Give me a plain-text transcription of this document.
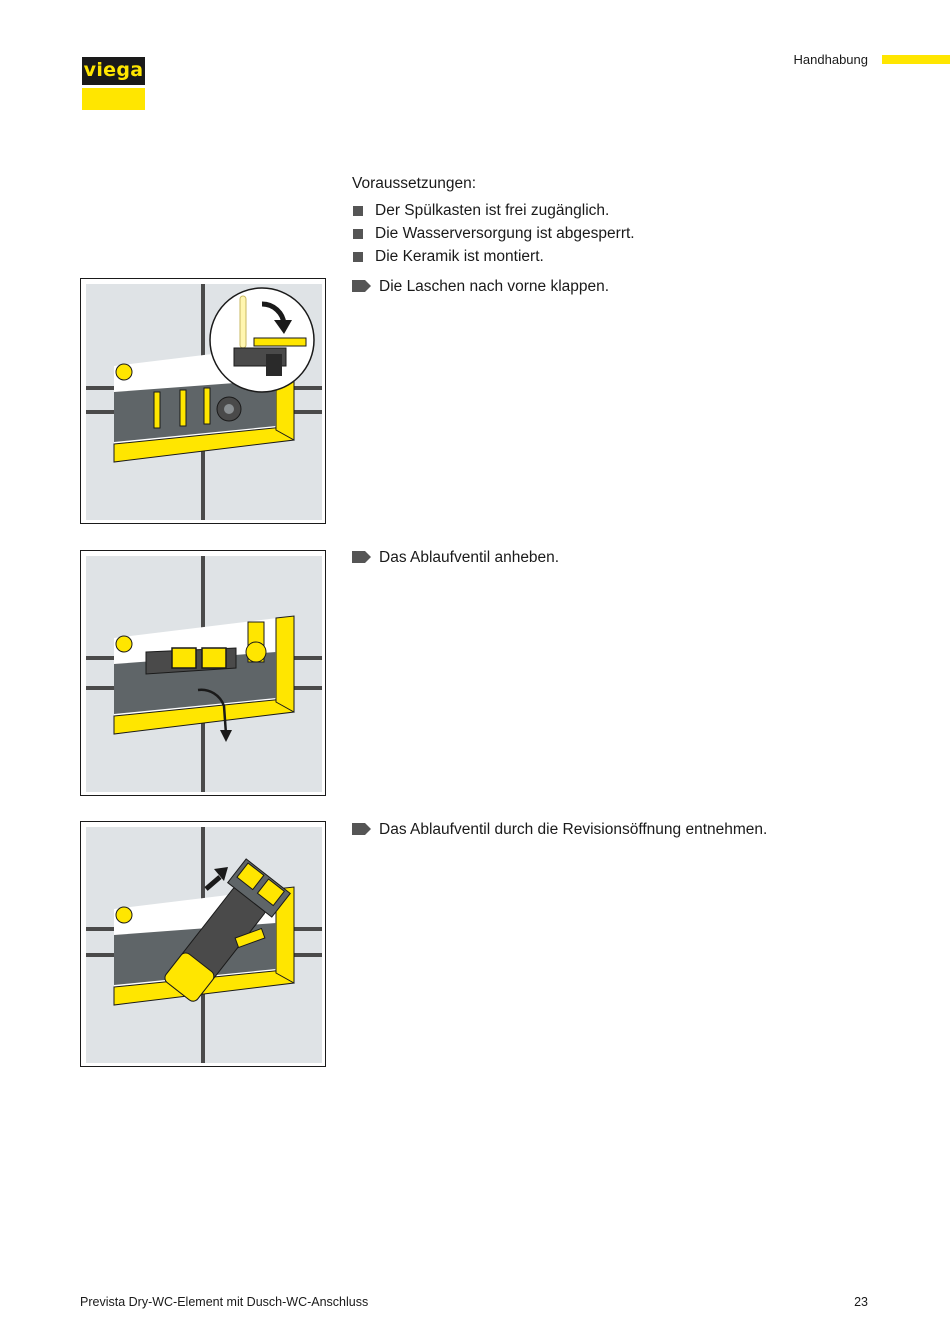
viega	Handhabung
Voraussetzungen:
Der Spülkasten ist frei zugänglich.
Die Wasserversorgung ist abgesperrt.
Die Keramik ist montiert.
Die Laschen nach vorne klappen.
Das Ablaufventil anheben.
Das Ablaufventil durch die Revisionsöffnung entnehmen.
Prevista Dry-WC-Element mit Dusch-WC-Anschluss	23
